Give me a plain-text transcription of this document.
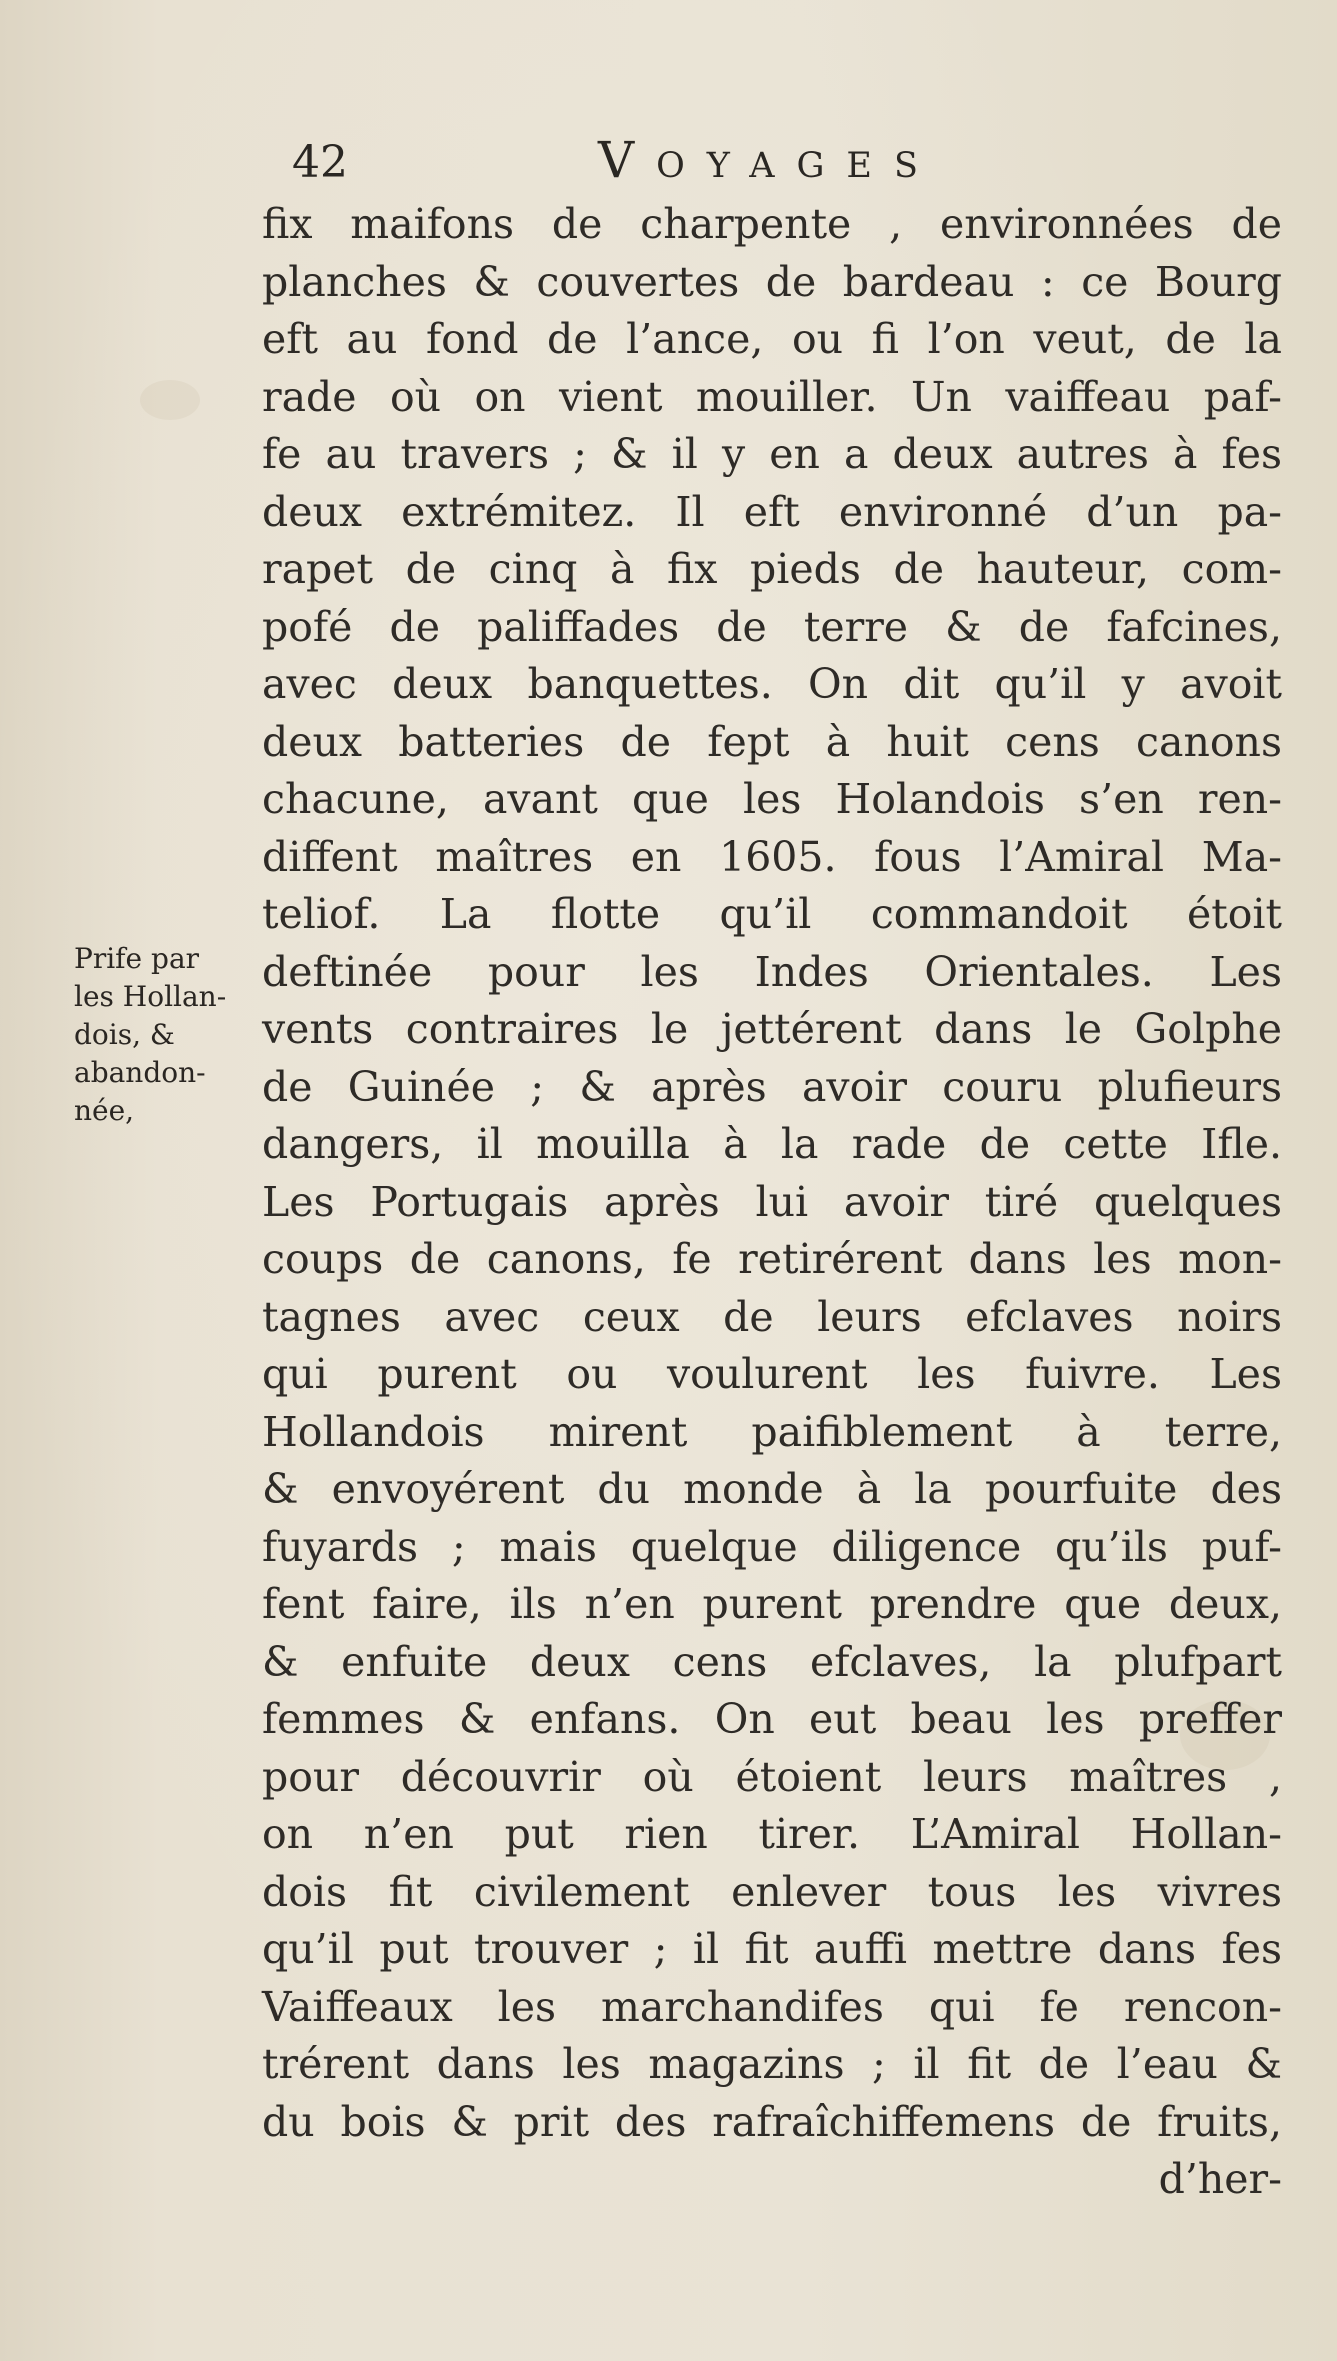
42	Voyages
Prife par
les Hollan-
dois, &
abandon-
née,
fix maifons de charpente , environnées de
planches & couvertes de bardeau : ce Bourg
eft au fond de l’ance, ou fi l’on veut, de la
rade où on vient mouiller. Un vaiffeau paf-
fe au travers ; & il y en a deux autres à fes
deux extrémitez. Il eft environné d’un pa-
rapet de cinq à fix pieds de hauteur, com-
pofé de paliffades de terre & de fafcines,
avec deux banquettes. On dit qu’il y avoit
deux batteries de fept à huit cens canons
chacune, avant que les Holandois s’en ren-
diffent maîtres en 1605. fous l’Amiral Ma-
teliof. La flotte qu’il commandoit étoit
deftinée pour les Indes Orientales. Les
vents contraires le jettérent dans le Golphe
de Guinée ; & après avoir couru plufieurs
dangers, il mouilla à la rade de cette Ifle.
Les Portugais après lui avoir tiré quelques
coups de canons, fe retirérent dans les mon-
tagnes avec ceux de leurs efclaves noirs
qui purent ou voulurent les fuivre. Les
Hollandois mirent paifiblement à terre,
& envoyérent du monde à la pourfuite des
fuyards ; mais quelque diligence qu’ils puf-
fent faire, ils n’en purent prendre que deux,
& enfuite deux cens efclaves, la plufpart
femmes & enfans. On eut beau les preffer
pour découvrir où étoient leurs maîtres ,
on n’en put rien tirer. L’Amiral Hollan-
dois fit civilement enlever tous les vivres
qu’il put trouver ; il fit auffi mettre dans fes
Vaiffeaux les marchandifes qui fe rencon-
trérent dans les magazins ; il fit de l’eau &
du bois & prit des rafraîchiffemens de fruits,
d’her-
